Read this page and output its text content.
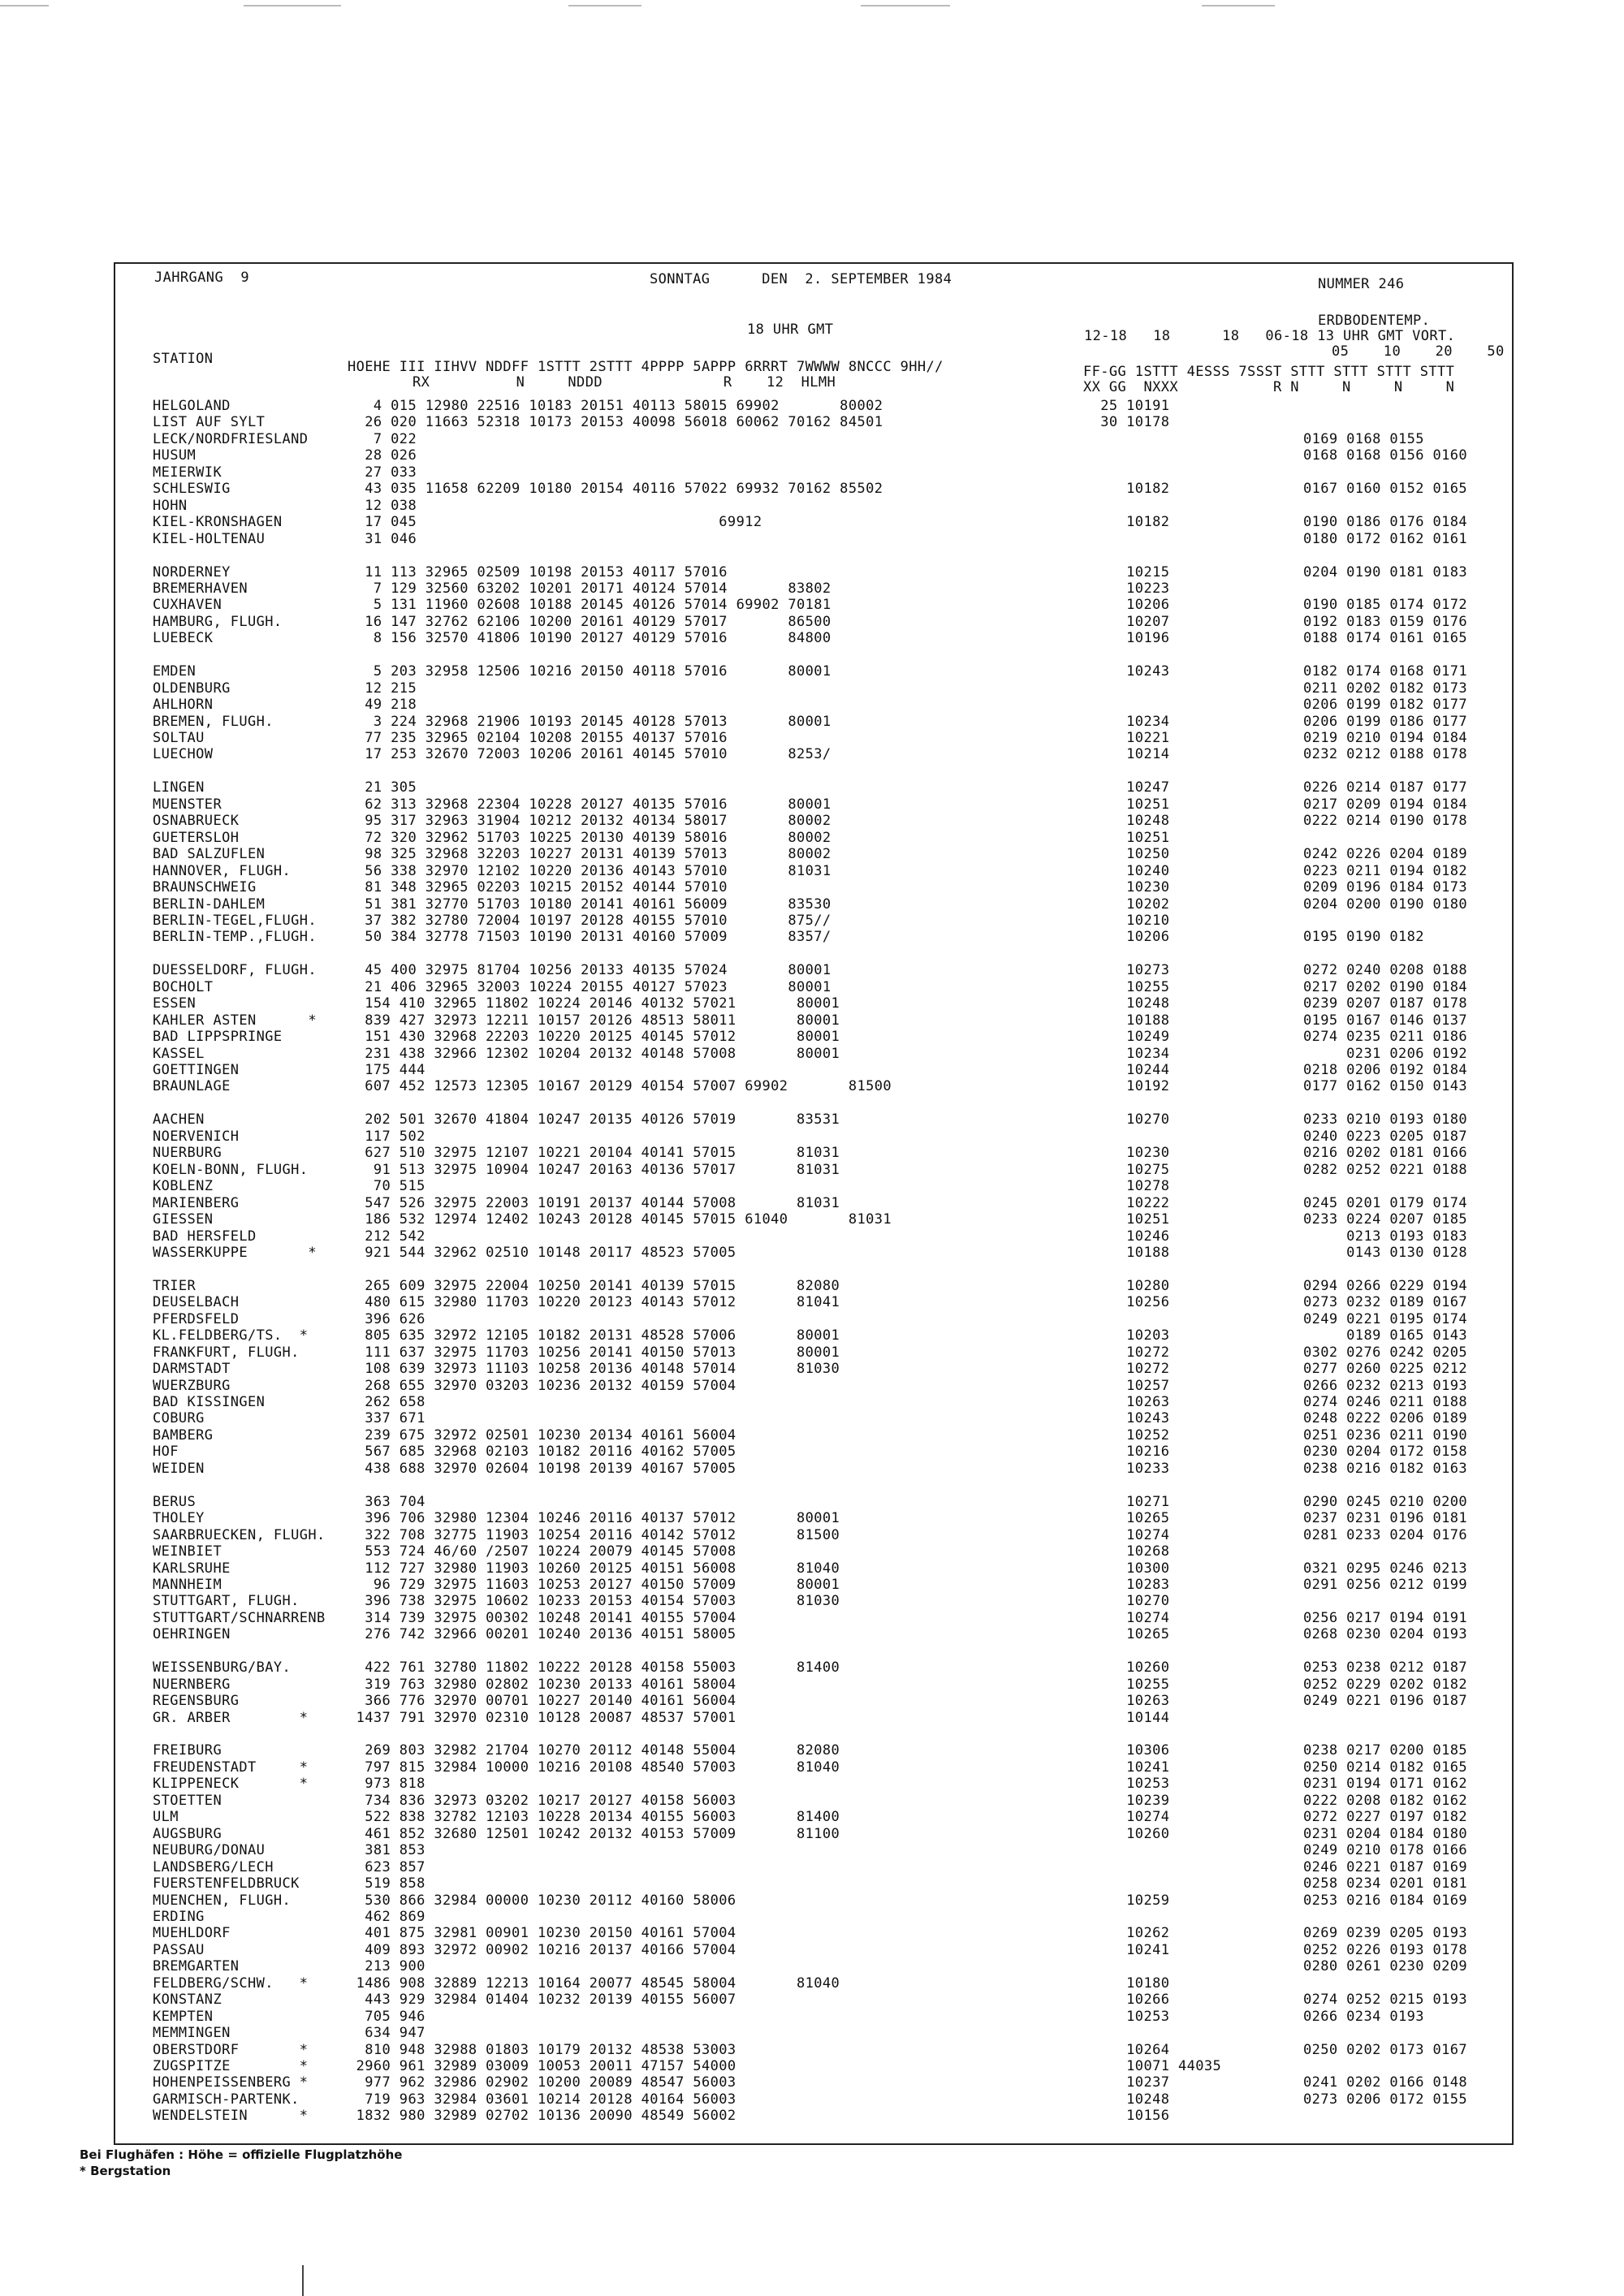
JAHRGANG  9	SONNTAG      DEN  2. SEPTEMBER 1984	NUMMER 246
18 UHR GMT
ERDBODENTEMP.
12-18   18      18   06-18 13 UHR GMT VORT.
05    10    20    50
STATION	HOEHE III IIHVV NDDFF 1STTT 2STTT 4PPPP 5APPP 6RRRT 7WWWW 8NCCC 9HH//	FF-GG 1STTT 4ESSS 7SSST STTT STTT STTT STTT
RX          N     NDDD              R    12  HLMH	XX GG  NXXX           R N     N     N     N
HELGOLAND	4 015 12980 22516 10183 20151 40113 58015 69902       80002	25 10191
LIST AUF SYLT	26 020 11663 52318 10173 20153 40098 56018 60062 70162 84501	30 10178
LECK/NORDFRIESLAND	7 022	0169 0168 0155
HUSUM	28 026	0168 0168 0156 0160
MEIERWIK	27 033
SCHLESWIG	43 035 11658 62209 10180 20154 40116 57022 69932 70162 85502	10182	0167 0160 0152 0165
HOHN	12 038
KIEL-KRONSHAGEN	17 045                                   69912	10182	0190 0186 0176 0184
KIEL-HOLTENAU	31 046	0180 0172 0162 0161
NORDERNEY	11 113 32965 02509 10198 20153 40117 57016	10215	0204 0190 0181 0183
BREMERHAVEN	7 129 32560 63202 10201 20171 40124 57014       83802	10223
CUXHAVEN	5 131 11960 02608 10188 20145 40126 57014 69902 70181	10206	0190 0185 0174 0172
HAMBURG, FLUGH.	16 147 32762 62106 10200 20161 40129 57017       86500	10207	0192 0183 0159 0176
LUEBECK	8 156 32570 41806 10190 20127 40129 57016       84800	10196	0188 0174 0161 0165
EMDEN	5 203 32958 12506 10216 20150 40118 57016       80001	10243	0182 0174 0168 0171
OLDENBURG	12 215	0211 0202 0182 0173
AHLHORN	49 218	0206 0199 0182 0177
BREMEN, FLUGH.	3 224 32968 21906 10193 20145 40128 57013       80001	10234	0206 0199 0186 0177
SOLTAU	77 235 32965 02104 10208 20155 40137 57016	10221	0219 0210 0194 0184
LUECHOW	17 253 32670 72003 10206 20161 40145 57010       8253/	10214	0232 0212 0188 0178
LINGEN	21 305	10247	0226 0214 0187 0177
MUENSTER	62 313 32968 22304 10228 20127 40135 57016       80001	10251	0217 0209 0194 0184
OSNABRUECK	95 317 32963 31904 10212 20132 40134 58017       80002	10248	0222 0214 0190 0178
GUETERSLOH	72 320 32962 51703 10225 20130 40139 58016       80002	10251
BAD SALZUFLEN	98 325 32968 32203 10227 20131 40139 57013       80002	10250	0242 0226 0204 0189
HANNOVER, FLUGH.	56 338 32970 12102 10220 20136 40143 57010       81031	10240	0223 0211 0194 0182
BRAUNSCHWEIG	81 348 32965 02203 10215 20152 40144 57010	10230	0209 0196 0184 0173
BERLIN-DAHLEM	51 381 32770 51703 10180 20141 40161 56009       83530	10202	0204 0200 0190 0180
BERLIN-TEGEL,FLUGH. 37 382 32780 72004 10197 20128 40155 57010       875//	10210
BERLIN-TEMP.,FLUGH. 50 384 32778 71503 10190 20131 40160 57009       8357/	10206	0195 0190 0182
DUESSELDORF, FLUGH. 45 400 32975 81704 10256 20133 40135 57024       80001	10273	0272 0240 0208 0188
BOCHOLT	21 406 32965 32003 10224 20155 40127 57023       80001	10255	0217 0202 0190 0184
ESSEN	154 410 32965 11802 10224 20146 40132 57021       80001	10248	0239 0207 0187 0178
KAHLER ASTEN      * 839 427 32973 12211 10157 20126 48513 58011       80001	10188	0195 0167 0146 0137
BAD LIPPSPRINGE	151 430 32968 22203 10220 20125 40145 57012       80001	10249	0274 0235 0211 0186
KASSEL	231 438 32966 12302 10204 20132 40148 57008       80001	10234	0231 0206 0192
GOETTINGEN	175 444	10244	0218 0206 0192 0184
BRAUNLAGE	607 452 12573 12305 10167 20129 40154 57007 69902       81500	10192	0177 0162 0150 0143
AACHEN	202 501 32670 41804 10247 20135 40126 57019       83531	10270	0233 0210 0193 0180
NOERVENICH	117 502	0240 0223 0205 0187
NUERBURG	627 510 32975 12107 10221 20104 40141 57015       81031	10230	0216 0202 0181 0166
KOELN-BONN, FLUGH.	91 513 32975 10904 10247 20163 40136 57017       81031	10275	0282 0252 0221 0188
KOBLENZ	70 515	10278
MARIENBERG	547 526 32975 22003 10191 20137 40144 57008       81031	10222	0245 0201 0179 0174
GIESSEN	186 532 12974 12402 10243 20128 40145 57015 61040       81031	10251	0233 0224 0207 0185
BAD HERSFELD	212 542	10246	0213 0193 0183
WASSERKUPPE       * 921 544 32962 02510 10148 20117 48523 57005	10188	0143 0130 0128
TRIER	265 609 32975 22004 10250 20141 40139 57015       82080	10280	0294 0266 0229 0194
DEUSELBACH	480 615 32980 11703 10220 20123 40143 57012       81041	10256	0273 0232 0189 0167
PFERDSFELD	396 626	0249 0221 0195 0174
KL.FELDBERG/TS.  *	805 635 32972 12105 10182 20131 48528 57006       80001	10203	0189 0165 0143
FRANKFURT, FLUGH.	111 637 32975 11703 10256 20141 40150 57013       80001	10272	0302 0276 0242 0205
DARMSTADT	108 639 32973 11103 10258 20136 40148 57014       81030	10272	0277 0260 0225 0212
WUERZBURG	268 655 32970 03203 10236 20132 40159 57004	10257	0266 0232 0213 0193
BAD KISSINGEN	262 658	10263	0274 0246 0211 0188
COBURG	337 671	10243	0248 0222 0206 0189
BAMBERG	239 675 32972 02501 10230 20134 40161 56004	10252	0251 0236 0211 0190
HOF	567 685 32968 02103 10182 20116 40162 57005	10216	0230 0204 0172 0158
WEIDEN	438 688 32970 02604 10198 20139 40167 57005	10233	0238 0216 0182 0163
BERUS	363 704	10271	0290 0245 0210 0200
THOLEY	396 706 32980 12304 10246 20116 40137 57012       80001	10265	0237 0231 0196 0181
SAARBRUECKEN, FLUGH. 322 708 32775 11903 10254 20116 40142 57012       81500	10274	0281 0233 0204 0176
WEINBIET	553 724 46/60 /2507 10224 20079 40145 57008	10268
KARLSRUHE	112 727 32980 11903 10260 20125 40151 56008       81040	10300	0321 0295 0246 0213
MANNHEIM	96 729 32975 11603 10253 20127 40150 57009       80001	10283	0291 0256 0212 0199
STUTTGART, FLUGH.	396 738 32975 10602 10233 20153 40154 57003       81030	10270
STUTTGART/SCHNARRENB 314 739 32975 00302 10248 20141 40155 57004	10274	0256 0217 0194 0191
OEHRINGEN	276 742 32966 00201 10240 20136 40151 58005	10265	0268 0230 0204 0193
WEISSENBURG/BAY.	422 761 32780 11802 10222 20128 40158 55003       81400	10260	0253 0238 0212 0187
NUERNBERG	319 763 32980 02802 10230 20133 40161 58004	10255	0252 0229 0202 0182
REGENSBURG	366 776 32970 00701 10227 20140 40161 56004	10263	0249 0221 0196 0187
GR. ARBER        *	1437 791 32970 02310 10128 20087 48537 57001	10144
FREIBURG	269 803 32982 21704 10270 20112 40148 55004       82080	10306	0238 0217 0200 0185
FREUDENSTADT     *	797 815 32984 10000 10216 20108 48540 57003       81040	10241	0250 0214 0182 0165
KLIPPENECK       *	973 818	10253	0231 0194 0171 0162
STOETTEN	734 836 32973 03202 10217 20127 40158 56003	10239	0222 0208 0182 0162
ULM	522 838 32782 12103 10228 20134 40155 56003       81400	10274	0272 0227 0197 0182
AUGSBURG	461 852 32680 12501 10242 20132 40153 57009       81100	10260	0231 0204 0184 0180
NEUBURG/DONAU	381 853	0249 0210 0178 0166
LANDSBERG/LECH	623 857	0246 0221 0187 0169
FUERSTENFELDBRUCK	519 858	0258 0234 0201 0181
MUENCHEN, FLUGH.	530 866 32984 00000 10230 20112 40160 58006	10259	0253 0216 0184 0169
ERDING	462 869
MUEHLDORF	401 875 32981 00901 10230 20150 40161 57004	10262	0269 0239 0205 0193
PASSAU	409 893 32972 00902 10216 20137 40166 57004	10241	0252 0226 0193 0178
BREMGARTEN	213 900	0280 0261 0230 0209
FELDBERG/SCHW.   *	1486 908 32889 12213 10164 20077 48545 58004       81040	10180
KONSTANZ	443 929 32984 01404 10232 20139 40155 56007	10266	0274 0252 0215 0193
KEMPTEN	705 946	10253	0266 0234 0193
MEMMINGEN	634 947
OBERSTDORF       *	810 948 32988 01803 10179 20132 48538 53003	10264	0250 0202 0173 0167
ZUGSPITZE        *	2960 961 32989 03009 10053 20011 47157 54000	10071 44035
HOHENPEISSENBERG *	977 962 32986 02902 10200 20089 48547 56003	10237	0241 0202 0166 0148
GARMISCH-PARTENK.	719 963 32984 03601 10214 20128 40164 56003	10248	0273 0206 0172 0155
WENDELSTEIN      *	1832 980 32989 02702 10136 20090 48549 56002	10156
Bei Flughäfen : Höhe = offizielle Flugplatzhöhe
* Bergstation
